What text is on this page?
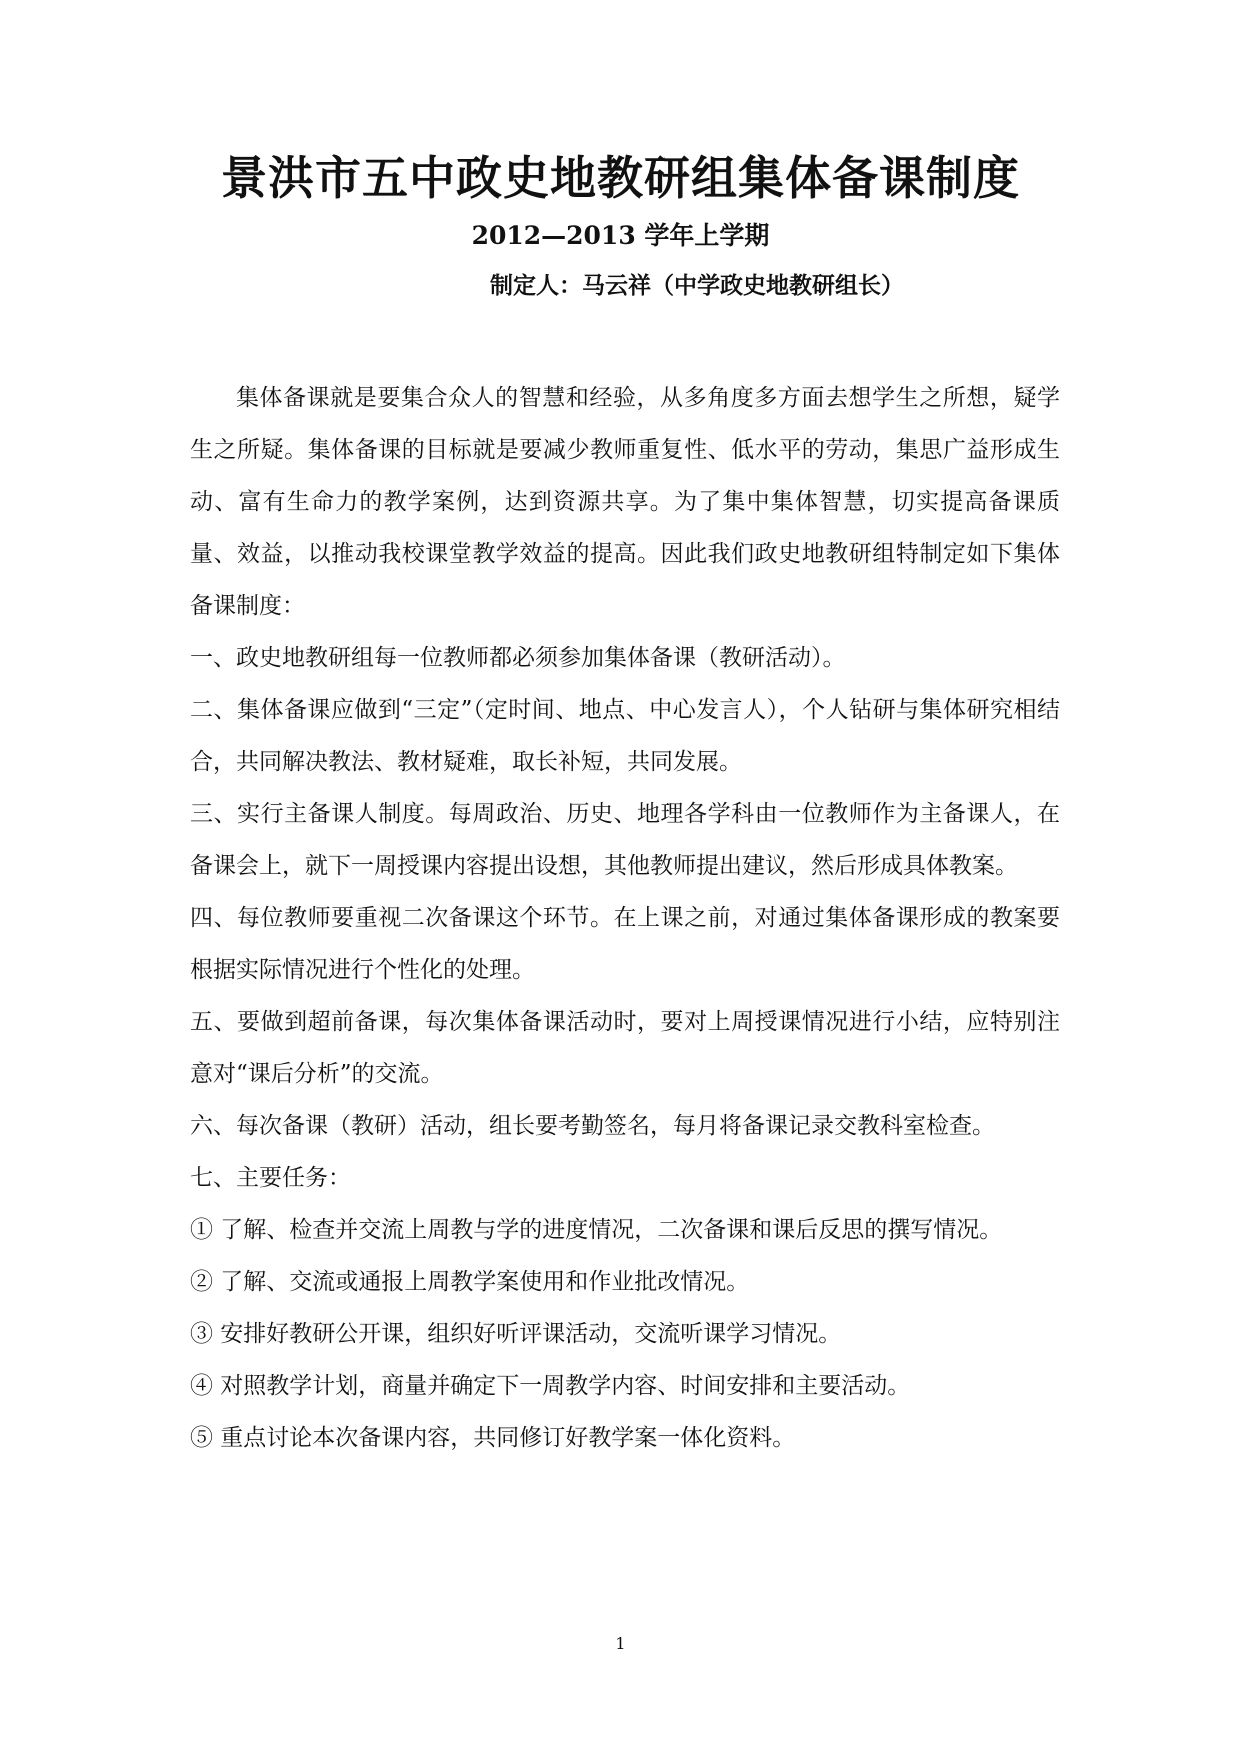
景洪市五中政史地教研组集体备课制度
2012—2013 学年上学期
制定人：马云祥（中学政史地教研组长）

集体备课就是要集合众人的智慧和经验，从多角度多方面去想学生之所想，疑学生之所疑。集体备课的目标就是要减少教师重复性、低水平的劳动，集思广益形成生动、富有生命力的教学案例，达到资源共享。为了集中集体智慧，切实提高备课质量、效益，以推动我校课堂教学效益的提高。因此我们政史地教研组特制定如下集体备课制度：

一、政史地教研组每一位教师都必须参加集体备课（教研活动）。

二、集体备课应做到“三定”（定时间、地点、中心发言人），个人钻研与集体研究相结合，共同解决教法、教材疑难，取长补短，共同发展。

三、实行主备课人制度。每周政治、历史、地理各学科由一位教师作为主备课人，在备课会上，就下一周授课内容提出设想，其他教师提出建议，然后形成具体教案。

四、每位教师要重视二次备课这个环节。在上课之前，对通过集体备课形成的教案要根据实际情况进行个性化的处理。

五、要做到超前备课，每次集体备课活动时，要对上周授课情况进行小结，应特别注意对“课后分析”的交流。

六、每次备课（教研）活动，组长要考勤签名，每月将备课记录交教科室检查。

七、主要任务：

① 了解、检查并交流上周教与学的进度情况，二次备课和课后反思的撰写情况。

② 了解、交流或通报上周教学案使用和作业批改情况。

③ 安排好教研公开课，组织好听评课活动，交流听课学习情况。

④ 对照教学计划，商量并确定下一周教学内容、时间安排和主要活动。

⑤ 重点讨论本次备课内容，共同修订好教学案一体化资料。

1
